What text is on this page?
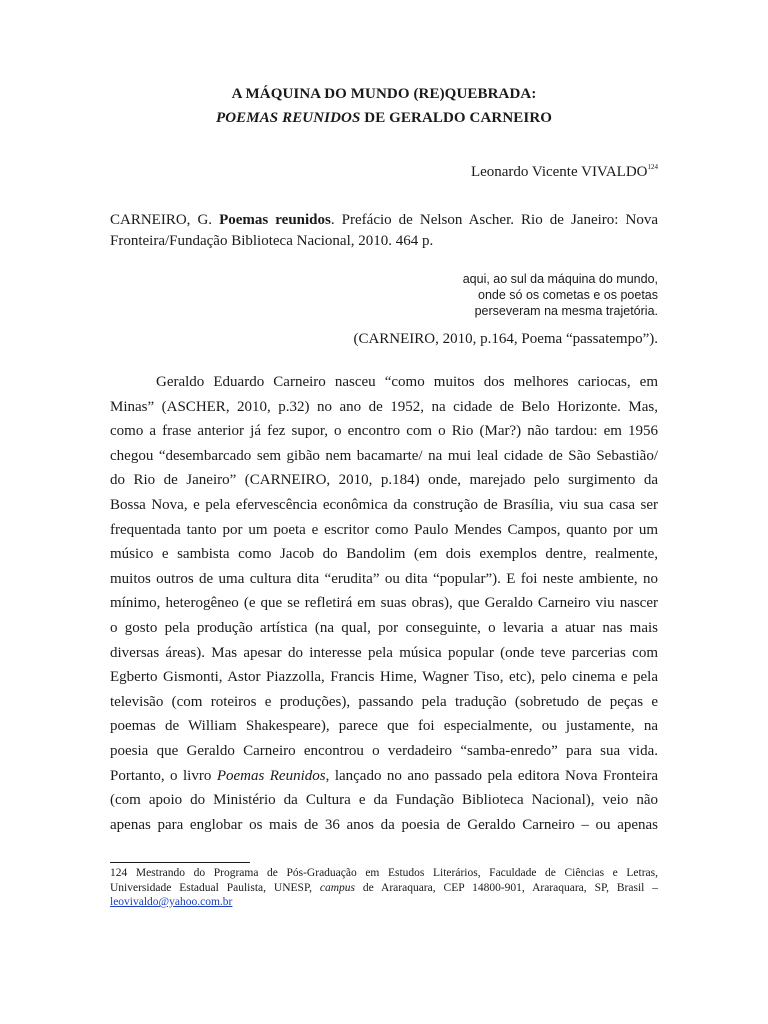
A MÁQUINA DO MUNDO (RE)QUEBRADA:
POEMAS REUNIDOS DE GERALDO CARNEIRO
Leonardo Vicente VIVALDO$^{124}$
CARNEIRO, G. Poemas reunidos. Prefácio de Nelson Ascher. Rio de Janeiro: Nova Fronteira/Fundação Biblioteca Nacional, 2010. 464 p.
aqui, ao sul da máquina do mundo,
onde só os cometas e os poetas
perseveram na mesma trajetória.
(CARNEIRO, 2010, p.164, Poema “passatempo”).
Geraldo Eduardo Carneiro nasceu “como muitos dos melhores cariocas, em
Minas” (ASCHER, 2010, p.32) no ano de 1952, na cidade de Belo Horizonte. Mas,
como a frase anterior já fez supor, o encontro com o Rio (Mar?) não tardou: em 1956
chegou “desembarcado sem gibão nem bacamarte/ na mui leal cidade de São Sebastião/
do Rio de Janeiro” (CARNEIRO, 2010, p.184) onde, marejado pelo surgimento da
Bossa Nova, e pela efervescência econômica da construção de Brasília, viu sua casa ser
frequentada tanto por um poeta e escritor como Paulo Mendes Campos, quanto por um
músico e sambista como Jacob do Bandolim (em dois exemplos dentre, realmente,
muitos outros de uma cultura dita “erudita” ou dita “popular”). E foi neste ambiente, no
mínimo, heterogêneo (e que se refletirá em suas obras), que Geraldo Carneiro viu nascer
o gosto pela produção artística (na qual, por conseguinte, o levaria a atuar nas mais
diversas áreas). Mas apesar do interesse pela música popular (onde teve parcerias com
Egberto Gismonti, Astor Piazzolla, Francis Hime, Wagner Tiso, etc), pelo cinema e pela
televisão (com roteiros e produções), passando pela tradução (sobretudo de peças e
poemas de William Shakespeare), parece que foi especialmente, ou justamente, na
poesia que Geraldo Carneiro encontrou o verdadeiro “samba-enredo” para sua vida.
Portanto, o livro Poemas Reunidos, lançado no ano passado pela editora Nova Fronteira
(com apoio do Ministério da Cultura e da Fundação Biblioteca Nacional), veio não
apenas para englobar os mais de 36 anos da poesia de Geraldo Carneiro – ou apenas
124 Mestrando do Programa de Pós-Graduação em Estudos Literários, Faculdade de Ciências e Letras,
Universidade Estadual Paulista, UNESP, campus de Araraquara, CEP 14800-901, Araraquara, SP, Brasil –
leovivaldo@yahoo.com.br
